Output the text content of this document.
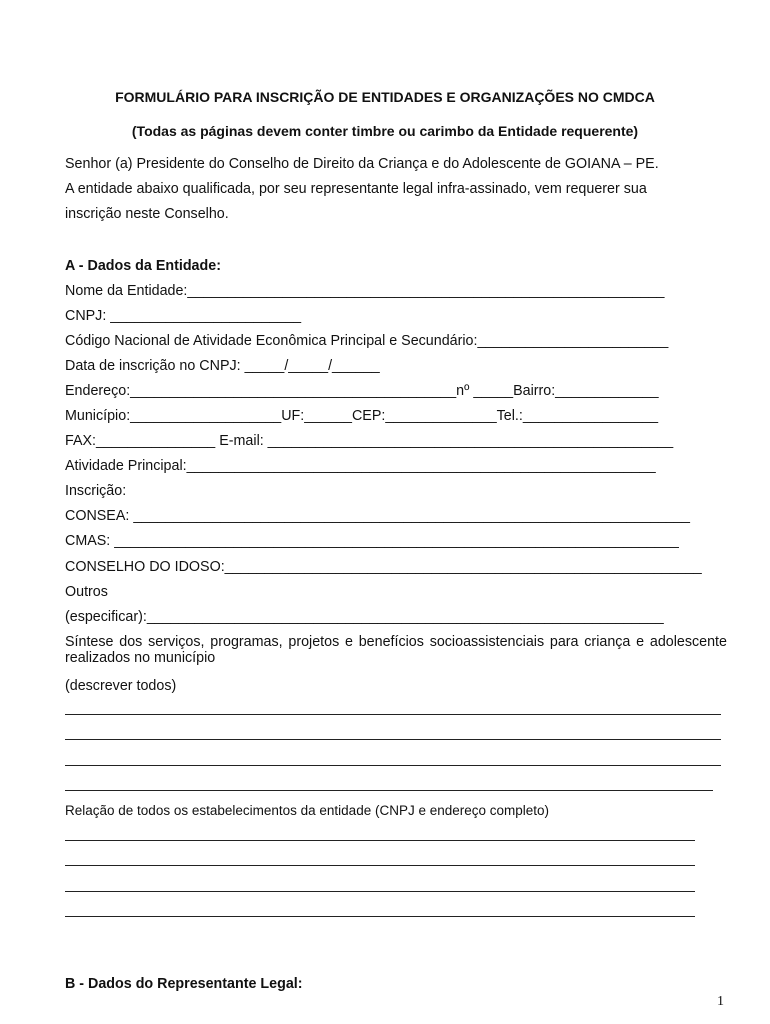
FORMULÁRIO PARA INSCRIÇÃO DE ENTIDADES E ORGANIZAÇÕES NO CMDCA

(Todas as páginas devem conter timbre ou carimbo da Entidade requerente)

Senhor (a) Presidente do Conselho de Direito da Criança e do Adolescente de GOIANA – PE.

A entidade abaixo qualificada, por seu representante legal infra-assinado, vem requerer sua

inscrição neste Conselho.

A - Dados da Entidade:

Nome da Entidade:____________________________________________________________

CNPJ: ________________________

Código Nacional de Atividade Econômica Principal e Secundário:________________________

Data de inscrição no CNPJ: _____/_____/______

Endereço:_________________________________________nº _____Bairro:_____________

Município:___________________UF:______CEP:______________Tel.:_________________

FAX:_______________ E-mail: ___________________________________________________

Atividade Principal:___________________________________________________________

Inscrição:

CONSEA: ______________________________________________________________________

CMAS: _______________________________________________________________________

CONSELHO DO IDOSO:____________________________________________________________

Outros

(especificar):_________________________________________________________________

Síntese dos serviços, programas, projetos e benefícios socioassistenciais para criança e adolescente realizados no município

(descrever todos)

Relação de todos os estabelecimentos da entidade (CNPJ e endereço completo)

B - Dados do Representante Legal:

1
